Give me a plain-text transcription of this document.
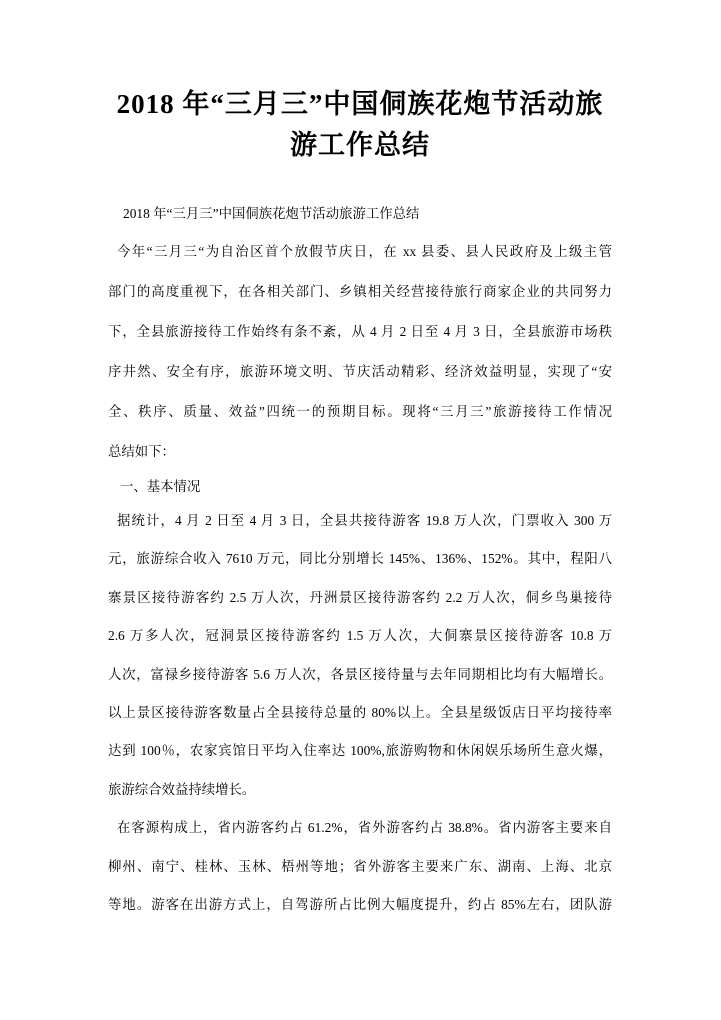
2018 年“三月三”中国侗族花炮节活动旅
游工作总结
2018 年“三月三”中国侗族花炮节活动旅游工作总结
今年“三月三“为自治区首个放假节庆日，在 xx 县委、县人民政府及上级主管
部门的高度重视下，在各相关部门、乡镇相关经营接待旅行商家企业的共同努力
下，全县旅游接待工作始终有条不紊，从 4 月 2 日至 4 月 3 日，全县旅游市场秩
序井然、安全有序，旅游环境文明、节庆活动精彩、经济效益明显，实现了“安
全、秩序、质量、效益”四统一的预期目标。现将“三月三”旅游接待工作情况
总结如下：
一、基本情况
据统计，4 月 2 日至 4 月 3 日，全县共接待游客 19.8 万人次，门票收入 300 万
元，旅游综合收入 7610 万元，同比分别增长 145%、136%、152%。其中，程阳八
寨景区接待游客约 2.5 万人次，丹洲景区接待游客约 2.2 万人次，侗乡鸟巢接待
2.6 万多人次，冠洞景区接待游客约 1.5 万人次，大侗寨景区接待游客 10.8 万
人次，富禄乡接待游客 5.6 万人次，各景区接待量与去年同期相比均有大幅增长。
以上景区接待游客数量占全县接待总量的 80%以上。全县星级饭店日平均接待率
达到 100％，农家宾馆日平均入住率达 100%,旅游购物和休闲娱乐场所生意火爆，
旅游综合效益持续增长。
在客源构成上，省内游客约占 61.2%，省外游客约占 38.8%。省内游客主要来自
柳州、南宁、桂林、玉林、梧州等地；省外游客主要来广东、湖南、上海、北京
等地。游客在出游方式上，自驾游所占比例大幅度提升，约占 85%左右，团队游
